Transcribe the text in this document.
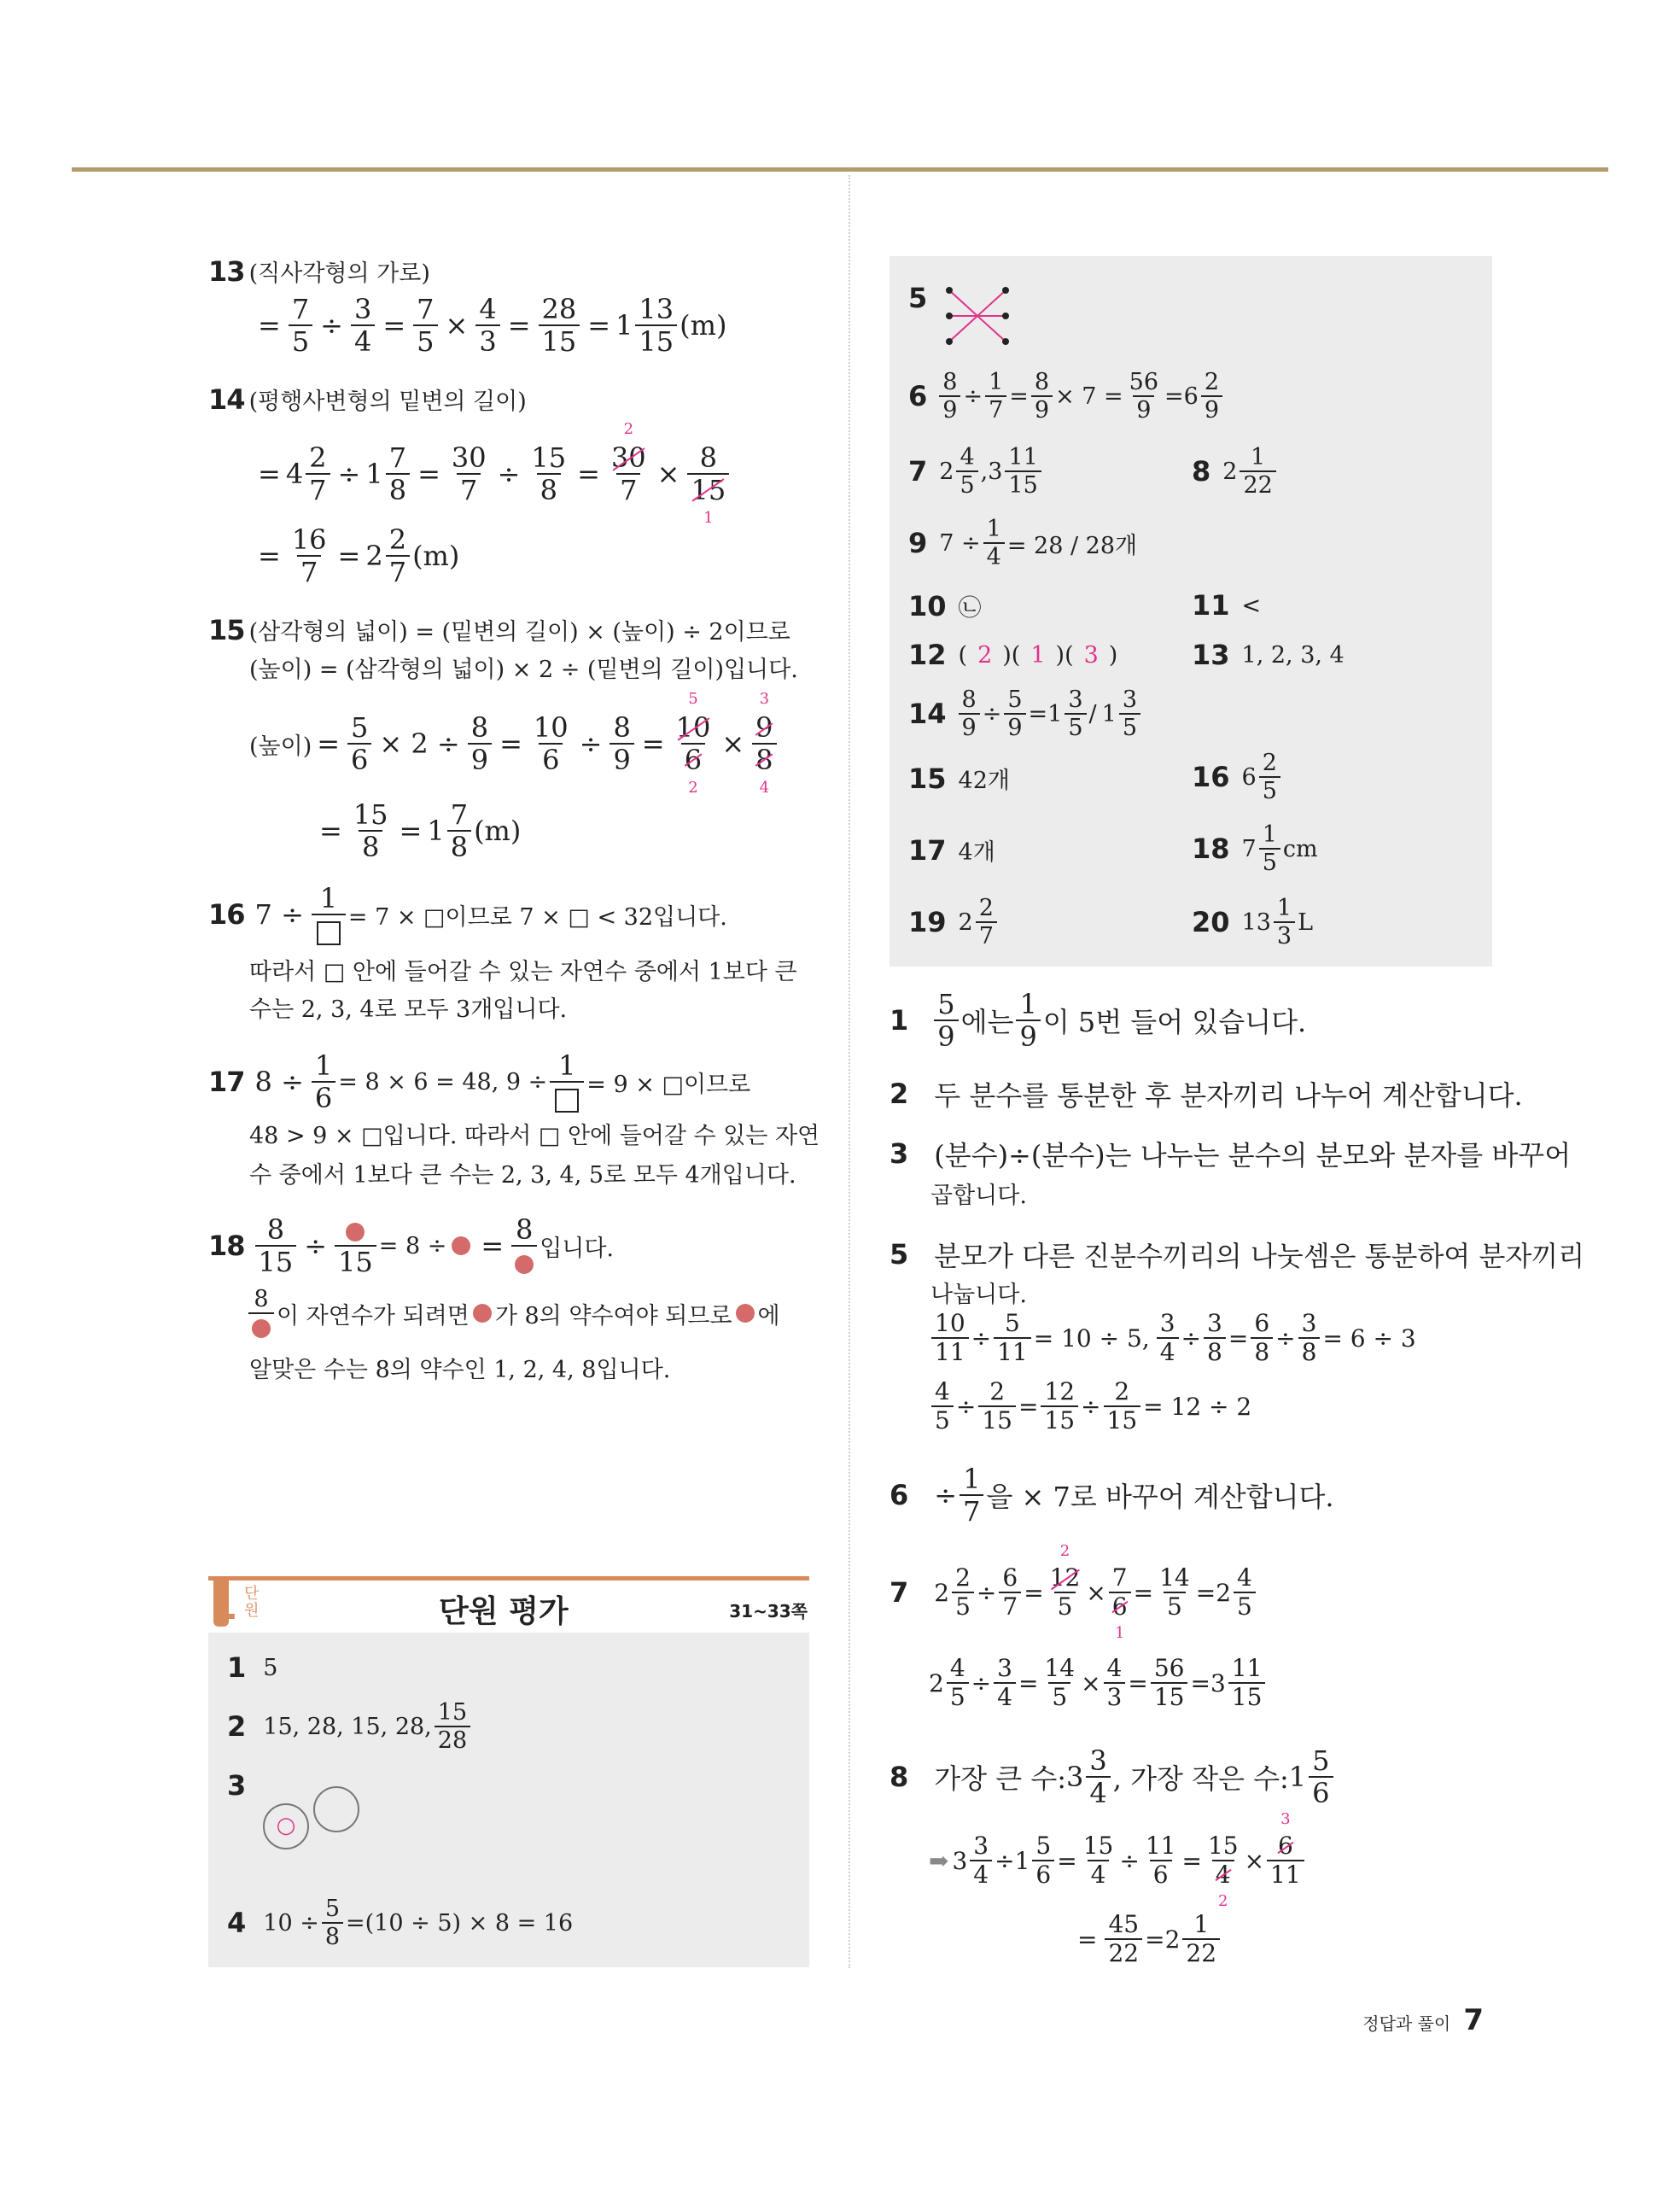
13 (직사각형의 가로)
= $\frac{7}{5} \div \frac{3}{4} = \frac{7}{5} \times \frac{4}{3} = \frac{28}{15} = 1 \frac{13}{15} (m)$
14 (평행사변형의 밑변의 길이)
= $4 \frac{2}{7} \div 1 \frac{7}{8} = \frac{30}{7} \div \frac{15}{8}$ =
2
30
7 × 8
15
1
= $\frac{16}{7} = 2 \frac{2}{7} (m)$
15 (삼각형의 넓이) = (밑변의 길이) × (높이) ÷ 2이므로
(높이) = (삼각형의 넓이) × 2 ÷ (밑변의 길이)입니다.
(높이) = $\frac{5}{6} \times 2 \div \frac{8}{9} = \frac{10}{6} \div \frac{8}{9}$ =
5
10
6
2
×
3
9
8
4
= $\frac{15}{8} = 1 \frac{7}{8} (m)$
16 7 ÷
1
= 7 × □이므로 7 × □ < 32입니다.
따라서 □ 안에 들어갈 수 있는 자연수 중에서 1보다 큰
수는 2, 3, 4로 모두 3개입니다.
17 $8 \div \frac{1}{6} = 8 \times 6 = 48$, 9 ÷
1
= 9 × □이므로
48 > 9 × □입니다. 따라서 □ 안에 들어갈 수 있는 자연
수 중에서 1보다 큰 수는 2, 3, 4, 5로 모두 4개입니다.
$18 \frac{8}{15} \div 15 = 8$ ÷ = 8
입니다.
8
이 자연수가 되려면 가 8의 약수여야 되므로 에
알맞은 수는 8의 약수인 1, 2, 4, 8입니다.
1 단원	단원 평가	31~33쪽
1 5
2 15, 28, 15, 28, $\frac{15}{28}$
3
○
4 $10 \div \frac{5}{8} =(10 \div 5) \times 8 = 16$
5
$6 \frac{8}{9} \div \frac{1}{7} = \frac{8}{9} \times 7 = \frac{56}{9} = 6 \frac{2}{9}$
7 $2 \frac{4}{5}$ , $3 \frac{11}{15}$	8 $2 \frac{1}{22}$
9 $7 \div \frac{1}{4} = 28 / 28$개
10 ㉡	11 <
12 ( 2 )( 1 )( 3 )	13 1, 2, 3, 4
$14 \frac{8}{9} \div \frac{5}{9} = 1 \frac{3}{5} / 1 \frac{3}{5}$
15 42개	16 $6 \frac{2}{5}$
17 4개	18 $7 \frac{1}{5}$ cm
19 $2 \frac{2}{7}$	20 $13 \frac{1}{3}$ L
$1 \frac{5}{9}$ 에는 $\frac{1}{9}$ 이 5번 들어 있습니다.
2 두 분수를 통분한 후 분자끼리 나누어 계산합니다.
3 (분수)÷(분수)는 나누는 분수의 분모와 분자를 바꾸어
곱합니다.
5 분모가 다른 진분수끼리의 나눗셈은 통분하여 분자끼리
나눕니다.
$\frac{10}{11} \div \frac{5}{11} = 10 \div 5$, $\frac{3}{4} \div \frac{3}{8} = \frac{6}{8} \div \frac{3}{8} = 6 \div 3$
$\frac{4}{5} \div \frac{2}{15} = \frac{12}{15} \div \frac{2}{15} = 12 \div 2$
$6 \div \frac{1}{7}$ 을 × 7로 바꾸어 계산합니다.
7 $2 \frac{2}{5} \div \frac{6}{7}$ =
2
12
5 ×
7
6
1
= $\frac{14}{5} = 2 \frac{4}{5}$
$2 \frac{4}{5} \div \frac{3}{4} = \frac{14}{5} \times \frac{4}{3} = \frac{56}{15} = 3 \frac{11}{15}$
8 가장 큰 수: $3 \frac{3}{4}$ , 가장 작은 수: $1 \frac{5}{6}$
➡ $3 \frac{3}{4} \div 1 \frac{5}{6} = \frac{15}{4} \div \frac{11}{6}$ =
15
4
2
×
3
6
11
= $\frac{45}{22} = 2 \frac{1}{22}$
정답과 풀이 7
